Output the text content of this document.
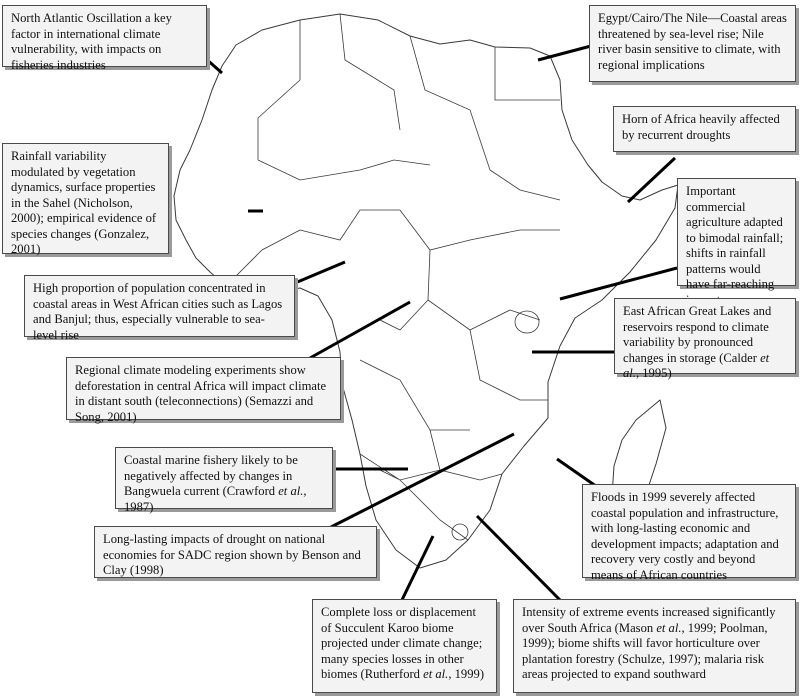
North Atlantic Oscillation a key factor in international climate vulnerability, with impacts on fisheries industries
Egypt/Cairo/The Nile—Coastal areas threatened by sea-level rise; Nile river basin sensitive to climate, with regional implications
Horn of Africa heavily affected by recurrent droughts
Rainfall variability modulated by vegetation dynamics, surface properties in the Sahel (Nicholson, 2000); empirical evidence of species changes (Gonzalez, 2001)
Important commercial agriculture adapted to bimodal rainfall; shifts in rainfall patterns would have far-reaching
High proportion of population concentrated in coastal areas in West African cities such as Lagos and Banjul; thus, especially vulnerable to sea-level rise
East African Great Lakes and reservoirs respond to climate variability by pronounced changes in storage (Calder et al., 1995)
Regional climate modeling experiments show deforestation in central Africa will impact climate in distant south (teleconnections) (Semazzi and Song, 2001)
Coastal marine fishery likely to be negatively affected by changes in Bangwuela current (Crawford et al., 1987)
Floods in 1999 severely affected coastal population and infrastructure, with long-lasting economic and development impacts; adaptation and recovery very costly and beyond means of African countries
Long-lasting impacts of drought on national economies for SADC region shown by Benson and Clay (1998)
Complete loss or displacement of Succulent Karoo biome projected under climate change; many species losses in other biomes (Rutherford et al., 1999)
Intensity of extreme events increased significantly over South Africa (Mason et al., 1999; Poolman, 1999); biome shifts will favor horticulture over plantation forestry (Schulze, 1997); malaria risk areas projected to expand southward
